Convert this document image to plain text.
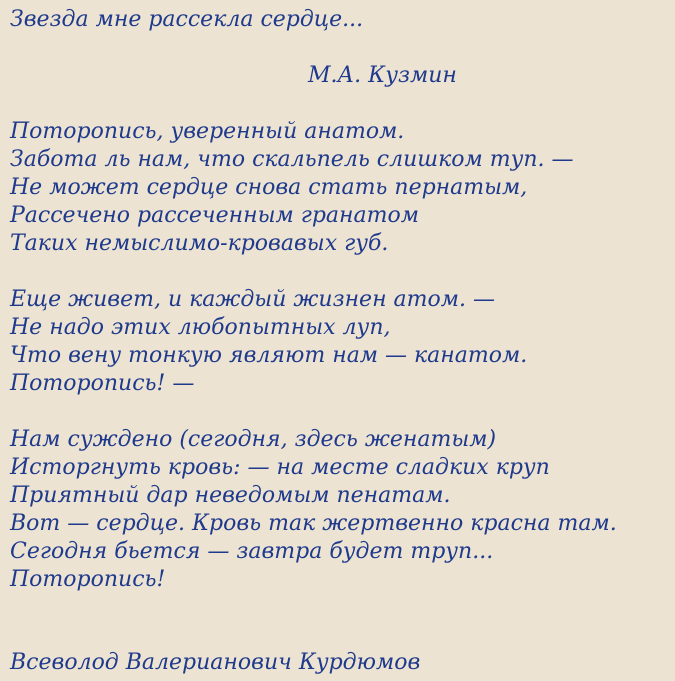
Звезда мне рассекла сердце...
М.А. Кузмин
Поторопись, уверенный анатом.
Забота ль нам, что скальпель слишком туп. —
Не может сердце снова стать пернатым,
Рассечено рассеченным гранатом
Таких немыслимо-кровавых губ.
Еще живет, и каждый жизнен атом. —
Не надо этих любопытных луп,
Что вену тонкую являют нам — канатом.
Поторопись! —
Нам суждено (сегодня, здесь женатым)
Исторгнуть кровь: — на месте сладких круп
Приятный дар неведомым пенатам.
Вот — сердце. Кровь так жертвенно красна там.
Сегодня бьется — завтра будет труп...
Поторопись!
Всеволод Валерианович Курдюмов
